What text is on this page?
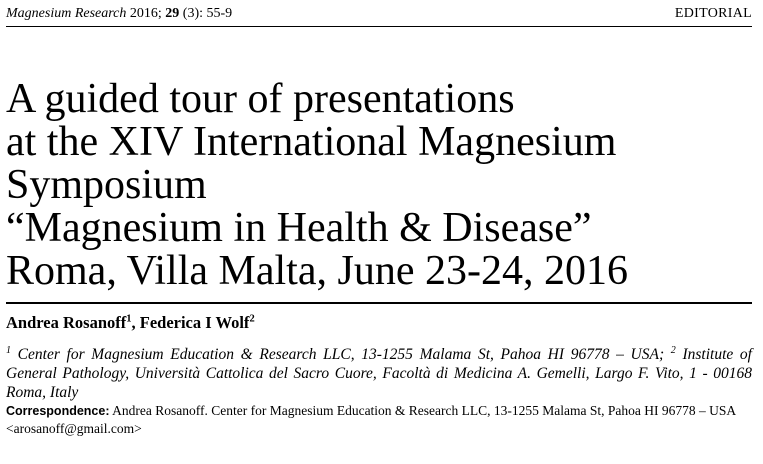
Magnesium Research 2016; 29 (3): 55-9	EDITORIAL
A guided tour of presentations
at the XIV International Magnesium
Symposium
“Magnesium in Health & Disease”
Roma, Villa Malta, June 23-24, 2016
Andrea Rosanoff$^1$, Federica I Wolf$^2$
$^1$ Center for Magnesium Education & Research LLC, 13-1255 Malama St, Pahoa HI 96778 – USA; $^2$ Institute of General Pathology, Università Cattolica del Sacro Cuore, Facoltà di Medicina A. Gemelli, Largo F. Vito, 1 - 00168 Roma, Italy
Correspondence: Andrea Rosanoff. Center for Magnesium Education & Research LLC, 13-1255 Malama St, Pahoa HI 96778 – USA
<arosanoff@gmail.com>
